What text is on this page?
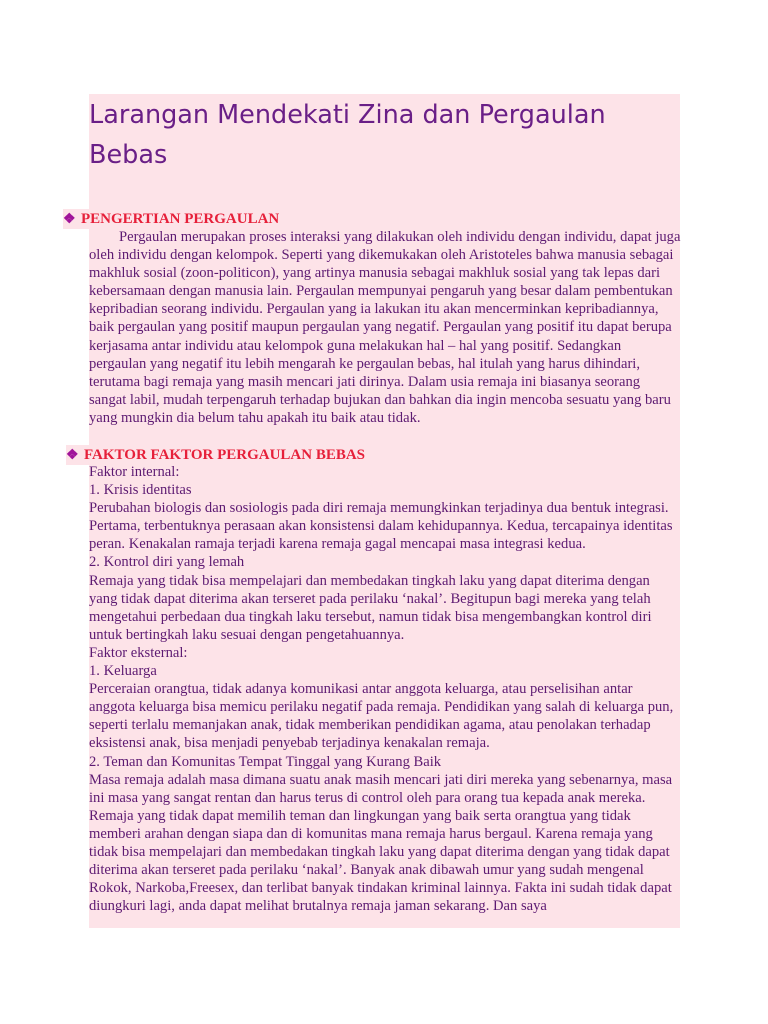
Larangan Mendekati Zina dan Pergaulan Bebas
❖ PENGERTIAN PERGAULAN

Pergaulan merupakan proses interaksi yang dilakukan oleh individu dengan individu, dapat juga oleh individu dengan kelompok. Seperti yang dikemukakan oleh Aristoteles bahwa manusia sebagai makhluk sosial (zoon-politicon), yang artinya manusia sebagai makhluk sosial yang tak lepas dari kebersamaan dengan manusia lain. Pergaulan mempunyai pengaruh yang besar dalam pembentukan kepribadian seorang individu. Pergaulan yang ia lakukan itu akan mencerminkan kepribadiannya, baik pergaulan yang positif maupun pergaulan yang negatif. Pergaulan yang positif itu dapat berupa kerjasama antar individu atau kelompok guna melakukan hal – hal yang positif. Sedangkan pergaulan yang negatif itu lebih mengarah ke pergaulan bebas, hal itulah yang harus dihindari, terutama bagi remaja yang masih mencari jati dirinya. Dalam usia remaja ini biasanya seorang sangat labil, mudah terpengaruh terhadap bujukan dan bahkan dia ingin mencoba sesuatu yang baru yang mungkin dia belum tahu apakah itu baik atau tidak.

❖ FAKTOR FAKTOR PERGAULAN BEBAS

Faktor internal:

1. Krisis identitas

Perubahan biologis dan sosiologis pada diri remaja memungkinkan terjadinya dua bentuk integrasi. Pertama, terbentuknya perasaan akan konsistensi dalam kehidupannya. Kedua, tercapainya identitas peran. Kenakalan ramaja terjadi karena remaja gagal mencapai masa integrasi kedua.

2. Kontrol diri yang lemah

Remaja yang tidak bisa mempelajari dan membedakan tingkah laku yang dapat diterima dengan yang tidak dapat diterima akan terseret pada perilaku ‘nakal’. Begitupun bagi mereka yang telah mengetahui perbedaan dua tingkah laku tersebut, namun tidak bisa mengembangkan kontrol diri untuk bertingkah laku sesuai dengan pengetahuannya.

Faktor eksternal:

1. Keluarga

Perceraian orangtua, tidak adanya komunikasi antar anggota keluarga, atau perselisihan antar anggota keluarga bisa memicu perilaku negatif pada remaja. Pendidikan yang salah di keluarga pun, seperti terlalu memanjakan anak, tidak memberikan pendidikan agama, atau penolakan terhadap eksistensi anak, bisa menjadi penyebab terjadinya kenakalan remaja.

2. Teman dan Komunitas Tempat Tinggal yang Kurang Baik

Masa remaja adalah masa dimana suatu anak masih mencari jati diri mereka yang sebenarnya, masa ini masa yang sangat rentan dan harus terus di control oleh para orang tua kepada anak mereka. Remaja yang tidak dapat memilih teman dan lingkungan yang baik serta orangtua yang tidak memberi arahan dengan siapa dan di komunitas mana remaja harus bergaul. Karena remaja yang tidak bisa mempelajari dan membedakan tingkah laku yang dapat diterima dengan yang tidak dapat diterima akan terseret pada perilaku ‘nakal’. Banyak anak dibawah umur yang sudah mengenal Rokok, Narkoba,Freesex, dan terlibat banyak tindakan kriminal lainnya. Fakta ini sudah tidak dapat diungkuri lagi, anda dapat melihat brutalnya remaja jaman sekarang. Dan saya
